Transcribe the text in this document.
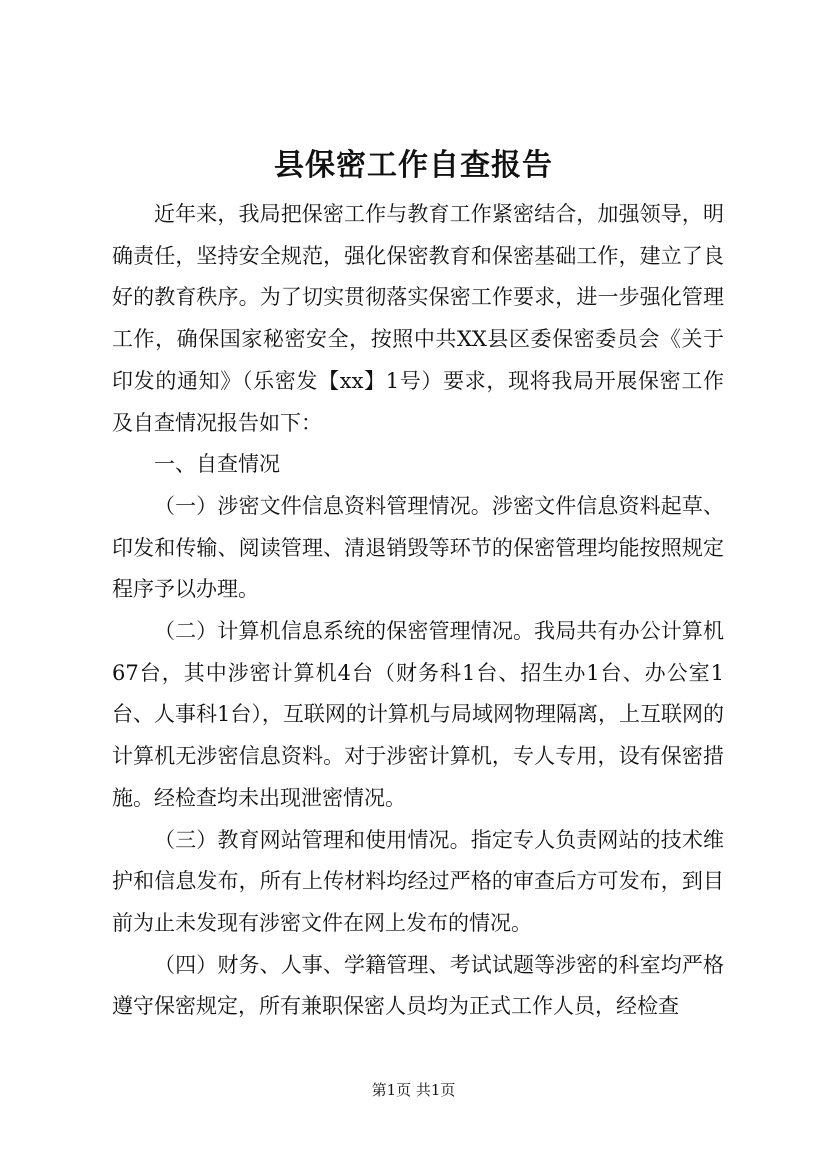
县保密工作自查报告

近年来，我局把保密工作与教育工作紧密结合，加强领导，明确责任，坚持安全规范，强化保密教育和保密基础工作，建立了良好的教育秩序。为了切实贯彻落实保密工作要求，进一步强化管理工作，确保国家秘密安全，按照中共XX县区委保密委员会《关于印发的通知》（乐密发【xx】1号）要求，现将我局开展保密工作及自查情况报告如下：

一、自查情况

（一）涉密文件信息资料管理情况。涉密文件信息资料起草、印发和传输、阅读管理、清退销毁等环节的保密管理均能按照规定程序予以办理。

（二）计算机信息系统的保密管理情况。我局共有办公计算机67台，其中涉密计算机4台（财务科1台、招生办1台、办公室1台、人事科1台），互联网的计算机与局域网物理隔离，上互联网的计算机无涉密信息资料。对于涉密计算机，专人专用，设有保密措施。经检查均未出现泄密情况。

（三）教育网站管理和使用情况。指定专人负责网站的技术维护和信息发布，所有上传材料均经过严格的审查后方可发布，到目前为止未发现有涉密文件在网上发布的情况。

（四）财务、人事、学籍管理、考试试题等涉密的科室均严格遵守保密规定，所有兼职保密人员均为正式工作人员，经检查

第1页 共1页
